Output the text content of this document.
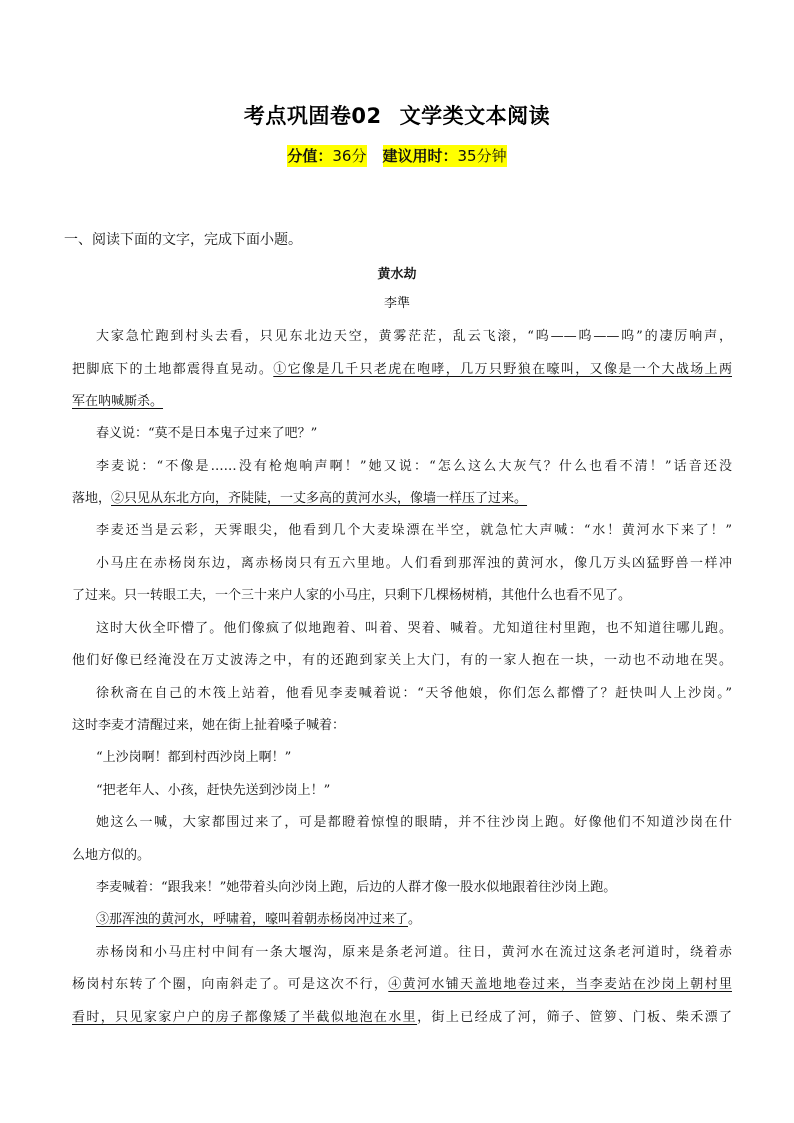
考点巩固卷02 文学类文本阅读
分值：36分 建议用时：35分钟
一、阅读下面的文字，完成下面小题。
黄水劫
李準
大家急忙跑到村头去看，只见东北边天空，黄雾茫茫，乱云飞滚，“呜——呜——呜”的凄厉响声，
把脚底下的土地都震得直晃动。①它像是几千只老虎在咆哮，几万只野狼在嚎叫，又像是一个大战场上两
军在呐喊厮杀。
春义说：“莫不是日本鬼子过来了吧？”
李麦说：“不像是……没有枪炮响声啊！”她又说：“怎么这么大灰气？什么也看不清！”话音还没
落地，②只见从东北方向，齐陡陡，一丈多高的黄河水头，像墙一样压了过来。
李麦还当是云彩，天霁眼尖，他看到几个大麦垛漂在半空，就急忙大声喊：“水！黄河水下来了！”
小马庄在赤杨岗东边，离赤杨岗只有五六里地。人们看到那浑浊的黄河水，像几万头凶猛野兽一样冲
了过来。只一转眼工夫，一个三十来户人家的小马庄，只剩下几棵杨树梢，其他什么也看不见了。
这时大伙全吓懵了。他们像疯了似地跑着、叫着、哭着、喊着。尤知道往村里跑，也不知道往哪儿跑。
他们好像已经淹没在万丈波涛之中，有的还跑到家关上大门，有的一家人抱在一块，一动也不动地在哭。
徐秋斋在自己的木筏上站着，他看见李麦喊着说：“天爷他娘，你们怎么都懵了？赶快叫人上沙岗。”
这时李麦才清醒过来，她在街上扯着嗓子喊着：
“上沙岗啊！都到村西沙岗上啊！”
“把老年人、小孩，赶快先送到沙岗上！”
她这么一喊，大家都围过来了，可是都瞪着惊惶的眼睛，并不往沙岗上跑。好像他们不知道沙岗在什
么地方似的。
李麦喊着：“跟我来！”她带着头向沙岗上跑，后边的人群才像一股水似地跟着往沙岗上跑。
③那浑浊的黄河水，呼啸着，嚎叫着朝赤杨岗冲过来了。
赤杨岗和小马庄村中间有一条大堰沟，原来是条老河道。往日，黄河水在流过这条老河道时，绕着赤
杨岗村东转了个圈，向南斜走了。可是这次不行，④黄河水铺天盖地地卷过来，当李麦站在沙岗上朝村里
看时，只见家家户户的房子都像矮了半截似地泡在水里，街上已经成了河，筛子、笸箩、门板、柴禾漂了
